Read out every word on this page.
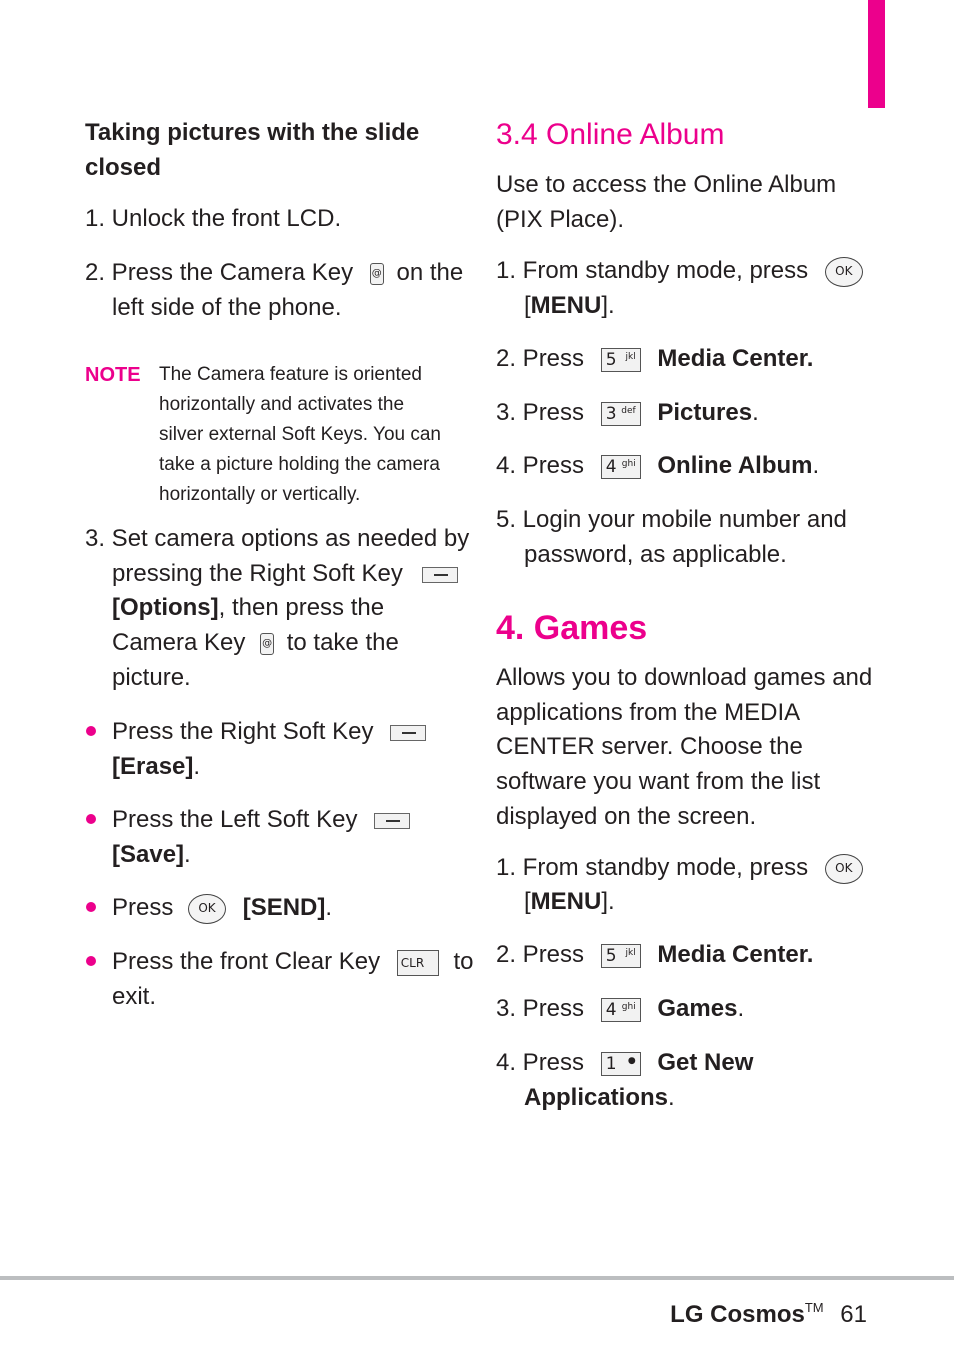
Taking pictures with the slide
closed
1. Unlock the front LCD.
2. Press the Camera Key @ on the
left side of the phone.
NOTE The Camera feature is oriented
horizontally and activates the
silver external Soft Keys. You can
take a picture holding the camera
horizontally or vertically.
3. Set camera options as needed by
pressing the Right Soft Key
[Options], then press the
Camera Key @ to take the
picture.
Press the Right Soft Key
[Erase].
Press the Left Soft Key
[Save].
Press OK [SEND].
Press the front Clear Key CLR to
exit.
3.4 Online Album
Use to access the Online Album
(PIX Place).
1. From standby mode, press OK
[MENU].
2. Press 5 jkl Media Center.
3. Press 3 def Pictures.
4. Press 4 ghi Online Album.
5. Login your mobile number and
password, as applicable.
4. Games
Allows you to download games and
applications from the MEDIA
CENTER server. Choose the
software you want from the list
displayed on the screen.
1. From standby mode, press OK
[MENU].
2. Press 5 jkl Media Center.
3. Press 4 ghi Games.
4. Press 1 ● Get New
Applications.
LG Cosmos™ 61
